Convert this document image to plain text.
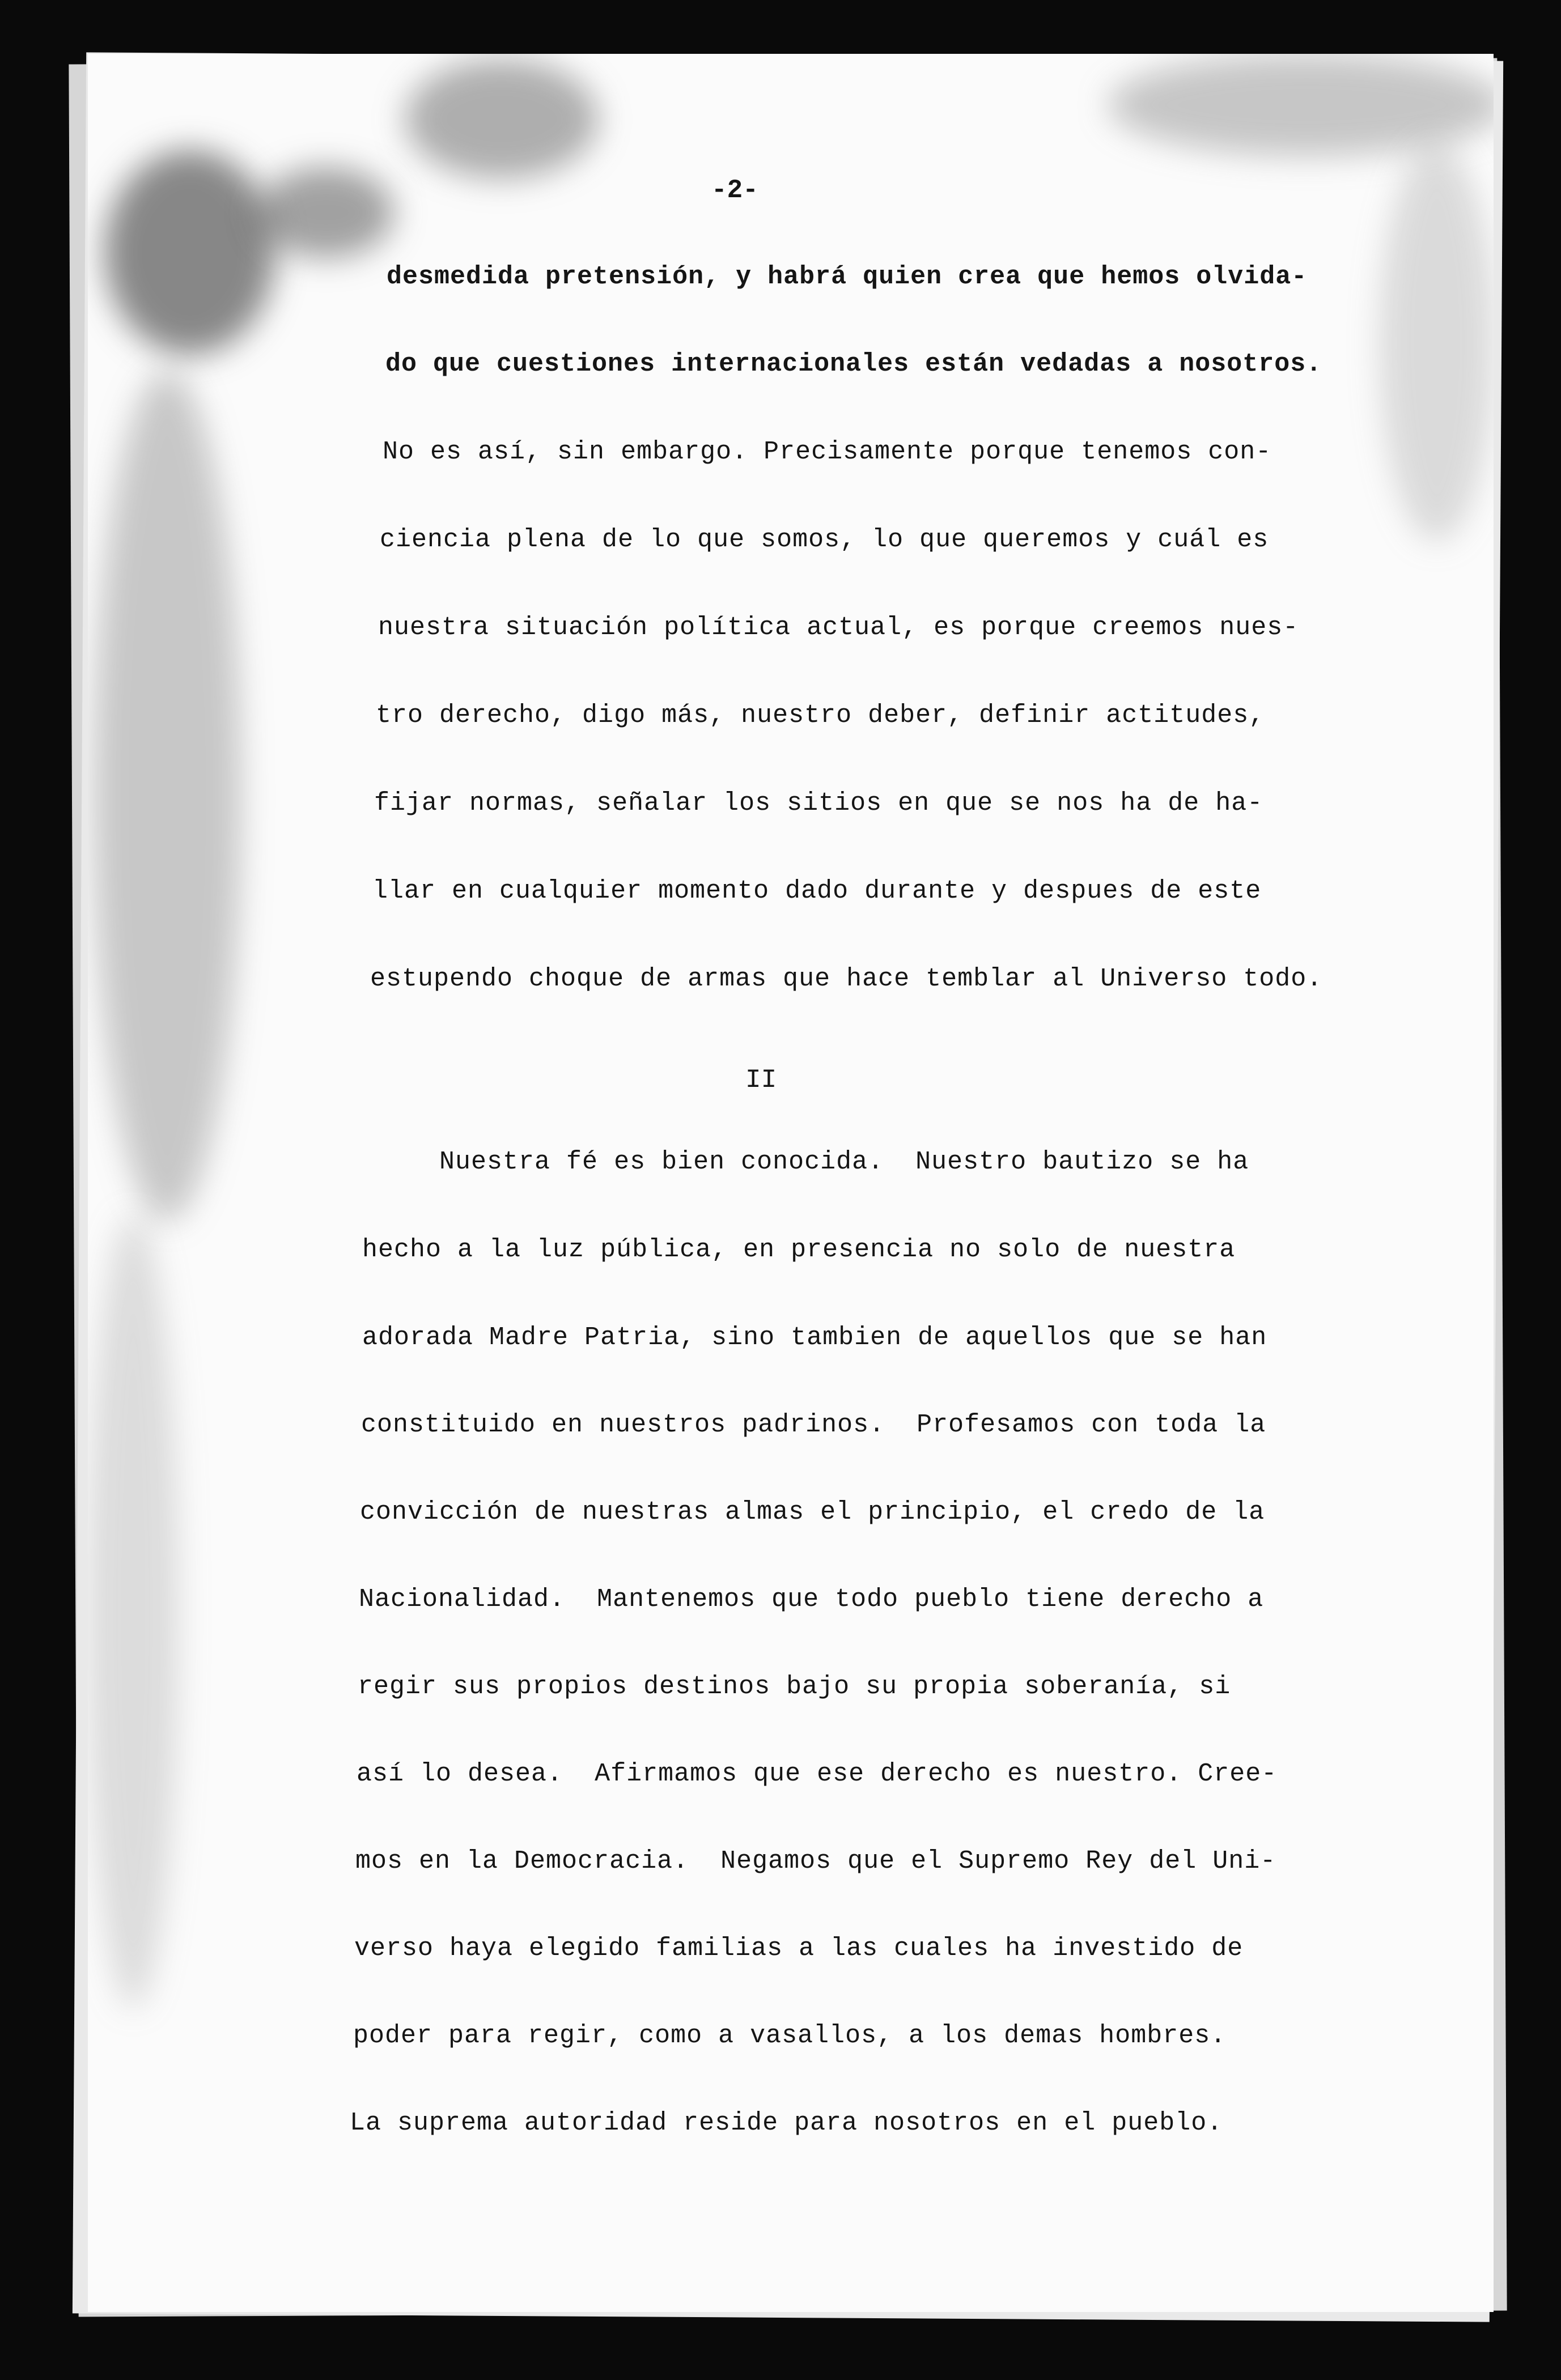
-2-

desmedida pretensión, y habrá quien crea que hemos olvida-

do que cuestiones internacionales están vedadas a nosotros.

No es así, sin embargo. Precisamente porque tenemos con-

ciencia plena de lo que somos, lo que queremos y cuál es

nuestra situación política actual, es porque creemos nues-

tro derecho, digo más, nuestro deber, definir actitudes,

fijar normas, señalar los sitios en que se nos ha de ha-

llar en cualquier momento dado durante y despues de este

estupendo choque de armas que hace temblar al Universo todo.

II

Nuestra fé es bien conocida.  Nuestro bautizo se ha

hecho a la luz pública, en presencia no solo de nuestra

adorada Madre Patria, sino tambien de aquellos que se han

constituido en nuestros padrinos.  Profesamos con toda la

convicción de nuestras almas el principio, el credo de la

Nacionalidad.  Mantenemos que todo pueblo tiene derecho a

regir sus propios destinos bajo su propia soberanía, si

así lo desea.  Afirmamos que ese derecho es nuestro. Cree-

mos en la Democracia.  Negamos que el Supremo Rey del Uni-

verso haya elegido familias a las cuales ha investido de

poder para regir, como a vasallos, a los demas hombres.

La suprema autoridad reside para nosotros en el pueblo.
